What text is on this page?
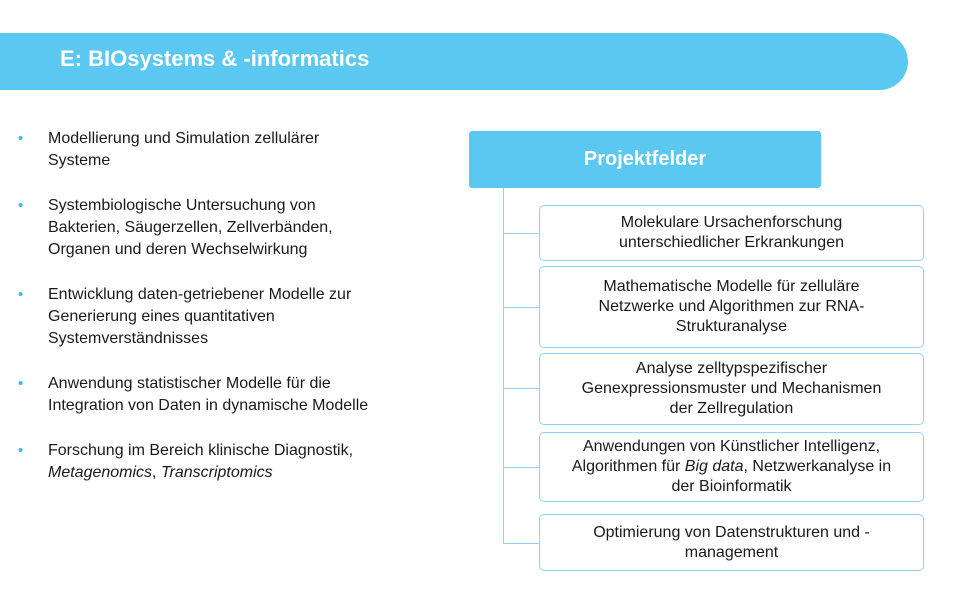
E: BIOsystems & -informatics
• Modellierung und Simulation zellulärer
Systeme
• Systembiologische Untersuchung von
Bakterien, Säugerzellen, Zellverbänden,
Organen und deren Wechselwirkung
• Entwicklung daten-getriebener Modelle zur
Generierung eines quantitativen
Systemverständnisses
• Anwendung statistischer Modelle für die
Integration von Daten in dynamische Modelle
• Forschung im Bereich klinische Diagnostik,
Metagenomics, Transcriptomics
Projektfelder
Molekulare Ursachenforschung
unterschiedlicher Erkrankungen
Mathematische Modelle für zelluläre
Netzwerke und Algorithmen zur RNA-
Strukturanalyse
Analyse zelltypspezifischer
Genexpressionsmuster und Mechanismen
der Zellregulation
Anwendungen von Künstlicher Intelligenz,
Algorithmen für Big data, Netzwerkanalyse in
der Bioinformatik
Optimierung von Datenstrukturen und -
management
